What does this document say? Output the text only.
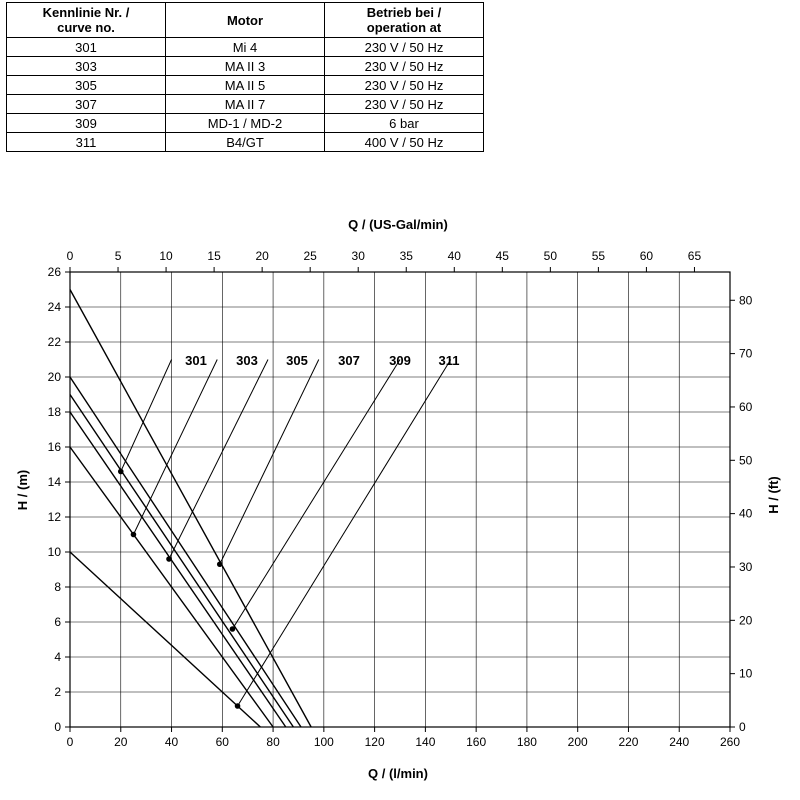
Kennlinie Nr. /
curve no.	Motor	Betrieb bei /
operation at
301	Mi 4	230 V / 50 Hz
303	MA II 3	230 V / 50 Hz
305	MA II 5	230 V / 50 Hz
307	MA II 7	230 V / 50 Hz
309	MD-1 / MD-2	6 bar
311	B4/GT	400 V / 50 Hz
0	20	40	60	80	100	120	140	160	180	200	220	240	260
0
2
4
6
8
10
12
14
16
18
20
22
24
26
0	5	10	15	20	25	30	35	40	45	50	55	60	65
0
10
20
30
40
50
60
70
80
301 303 305 307 309 311
Q / (l/min)
Q / (US-Gal/min)
H / (m)	H / (ft)
